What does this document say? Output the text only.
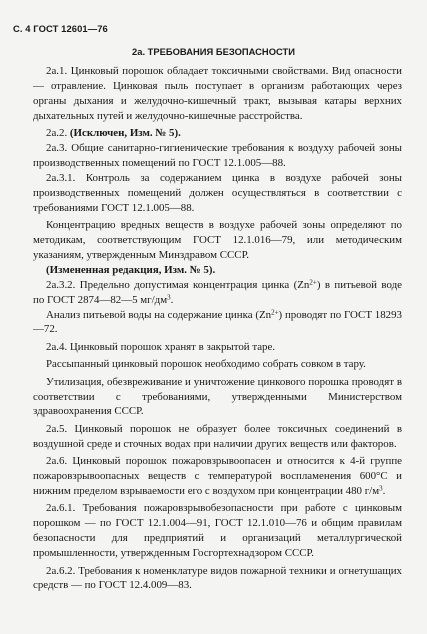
С. 4 ГОСТ 12601—76
2а. ТРЕБОВАНИЯ БЕЗОПАСНОСТИ

2а.1. Цинковый порошок обладает токсичными свойствами. Вид опасности — отравление. Цинковая пыль поступает в организм работающих через органы дыхания и желудочно-кишечный тракт, вызывая катары верхних дыхательных путей и желудочно-кишечные расстройства.

2а.2. (Исключен, Изм. № 5).

2а.3. Общие санитарно-гигиенические требования к воздуху рабочей зоны производственных помещений по ГОСТ 12.1.005—88.

2а.3.1. Контроль за содержанием цинка в воздухе рабочей зоны производственных помещений должен осуществляться в соответствии с требованиями ГОСТ 12.1.005—88.

Концентрацию вредных веществ в воздухе рабочей зоны определяют по методикам, соответствующим ГОСТ 12.1.016—79, или методическим указаниям, утвержденным Минздравом СССР.

(Измененная редакция, Изм. № 5).

2а.3.2. Предельно допустимая концентрация цинка $(Zn^{2+})$ в питьевой воде по ГОСТ 2874—82—5 $мг/дм^3$.

Анализ питьевой воды на содержание цинка $(Zn^{2+})$ проводят по ГОСТ 18293—72.

2а.4. Цинковый порошок хранят в закрытой таре.

Рассыпанный цинковый порошок необходимо собрать совком в тару.

Утилизация, обезвреживание и уничтожение цинкового порошка проводят в соответствии с требованиями, утвержденными Министерством здравоохранения СССР.

2а.5. Цинковый порошок не образует более токсичных соединений в воздушной среде и сточных водах при наличии других веществ или факторов.

2а.6. Цинковый порошок пожаровзрывоопасен и относится к 4-й группе пожаровзрывоопасных веществ с температурой воспламенения 600°С и нижним пределом взрываемости его с воздухом при концентрации 480 $г/м^3$.

2а.6.1. Требования пожаровзрывобезопасности при работе с цинковым порошком — по ГОСТ 12.1.004—91, ГОСТ 12.1.010—76 и общим правилам безопасности для предприятий и организаций металлургической промышленности, утвержденным Госгортехнадзором СССР.

2а.6.2. Требования к номенклатуре видов пожарной техники и огнетушащих средств — по ГОСТ 12.4.009—83.
